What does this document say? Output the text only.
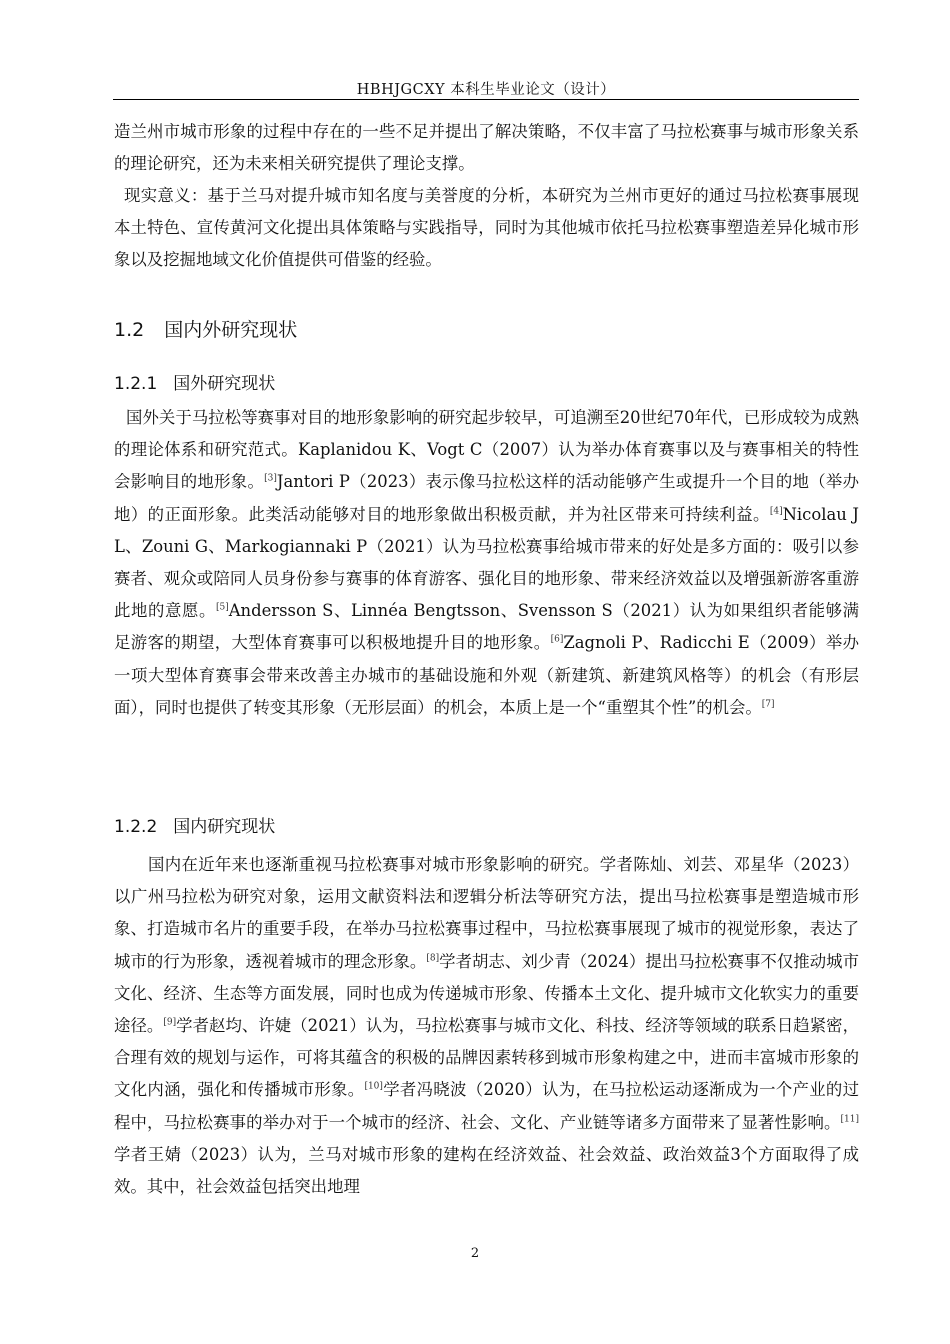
HBHJGCXY 本科生毕业论文（设计）
造兰州市城市形象的过程中存在的一些不足并提出了解决策略，不仅丰富了马拉松赛事与城市形象关系的理论研究，还为未来相关研究提供了理论支撑。
现实意义：基于兰马对提升城市知名度与美誉度的分析，本研究为兰州市更好的通过马拉松赛事展现本土特色、宣传黄河文化提出具体策略与实践指导，同时为其他城市依托马拉松赛事塑造差异化城市形象以及挖掘地域文化价值提供可借鉴的经验。
1.2 国内外研究现状
1.2.1 国外研究现状
国外关于马拉松等赛事对目的地形象影响的研究起步较早，可追溯至20世纪70年代，已形成较为成熟的理论体系和研究范式。Kaplanidou K、Vogt C（2007）认为举办体育赛事以及与赛事相关的特性会影响目的地形象。[3]Jantori P（2023）表示像马拉松这样的活动能够产生或提升一个目的地（举办地）的正面形象。此类活动能够对目的地形象做出积极贡献，并为社区带来可持续利益。[4]Nicolau J L、Zouni G、Markogiannaki P（2021）认为马拉松赛事给城市带来的好处是多方面的：吸引以参赛者、观众或陪同人员身份参与赛事的体育游客、强化目的地形象、带来经济效益以及增强新游客重游此地的意愿。[5]Andersson S、Linnéa Bengtsson、Svensson S（2021）认为如果组织者能够满足游客的期望，大型体育赛事可以积极地提升目的地形象。[6]Zagnoli P、Radicchi E（2009）举办一项大型体育赛事会带来改善主办城市的基础设施和外观（新建筑、新建筑风格等）的机会（有形层面），同时也提供了转变其形象（无形层面）的机会，本质上是一个“重塑其个性”的机会。[7]
1.2.2 国内研究现状
国内在近年来也逐渐重视马拉松赛事对城市形象影响的研究。学者陈灿、刘芸、邓星华（2023）以广州马拉松为研究对象，运用文献资料法和逻辑分析法等研究方法，提出马拉松赛事是塑造城市形象、打造城市名片的重要手段，在举办马拉松赛事过程中，马拉松赛事展现了城市的视觉形象，表达了城市的行为形象，透视着城市的理念形象。[8]学者胡志、刘少青（2024）提出马拉松赛事不仅推动城市文化、经济、生态等方面发展，同时也成为传递城市形象、传播本土文化、提升城市文化软实力的重要途径。[9]学者赵均、许婕（2021）认为，马拉松赛事与城市文化、科技、经济等领域的联系日趋紧密，合理有效的规划与运作，可将其蕴含的积极的品牌因素转移到城市形象构建之中，进而丰富城市形象的文化内涵，强化和传播城市形象。[10]学者冯晓波（2020）认为，在马拉松运动逐渐成为一个产业的过程中，马拉松赛事的举办对于一个城市的经济、社会、文化、产业链等诸多方面带来了显著性影响。[11]学者王婧（2023）认为，兰马对城市形象的建构在经济效益、社会效益、政治效益3个方面取得了成效。其中，社会效益包括突出地理
2
